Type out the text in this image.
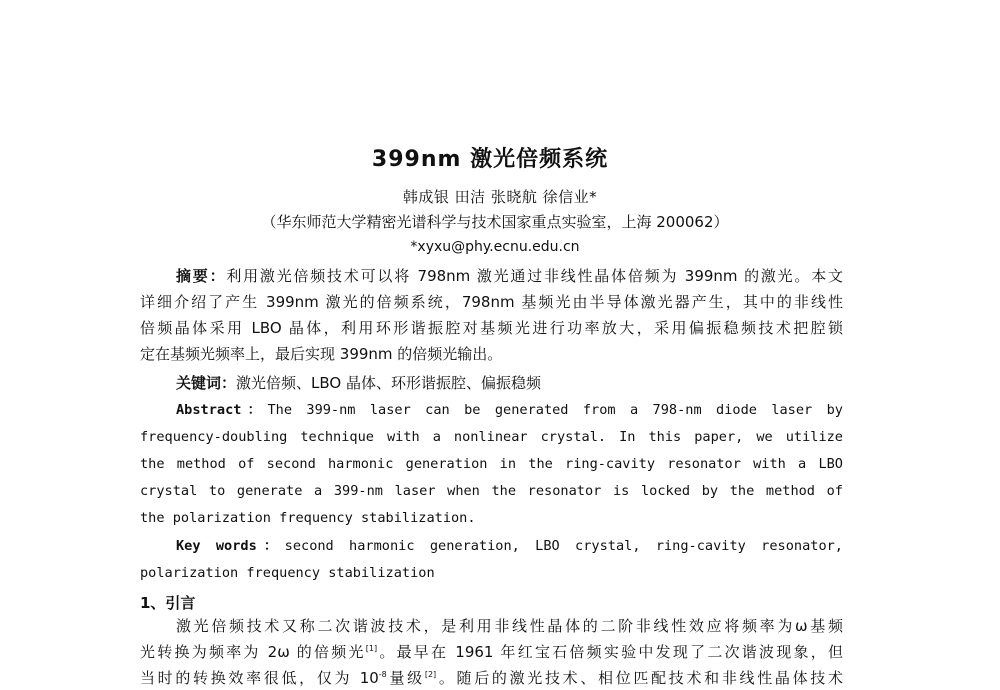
399nm 激光倍频系统
韩成银 田洁 张晓航 徐信业*
（华东师范大学精密光谱科学与技术国家重点实验室，上海 200062）
*xyxu@phy.ecnu.edu.cn
摘要：利用激光倍频技术可以将 798nm 激光通过非线性晶体倍频为 399nm 的激光。本文
详细介绍了产生 399nm 激光的倍频系统，798nm 基频光由半导体激光器产生，其中的非线性
倍频晶体采用 LBO 晶体，利用环形谐振腔对基频光进行功率放大，采用偏振稳频技术把腔锁
定在基频光频率上，最后实现 399nm 的倍频光输出。
关键词：激光倍频、LBO 晶体、环形谐振腔、偏振稳频
Abstract：The 399-nm laser can be generated from a 798-nm diode laser by
frequency-doubling technique with a nonlinear crystal. In this paper, we utilize
the method of second harmonic generation in the ring-cavity resonator with a LBO
crystal to generate a 399-nm laser when the resonator is locked by the method of
the polarization frequency stabilization.
Key words：second harmonic generation, LBO crystal, ring-cavity resonator,
polarization frequency stabilization
1、引言
激光倍频技术又称二次谐波技术，是利用非线性晶体的二阶非线性效应将频率为ω基频
光转换为频率为 2ω 的倍频光[1]。最早在 1961 年红宝石倍频实验中发现了二次谐波现象，但
当时的转换效率很低，仅为 $10^{-8}$量级[2]。随后的激光技术、相位匹配技术和非线性晶体技术
